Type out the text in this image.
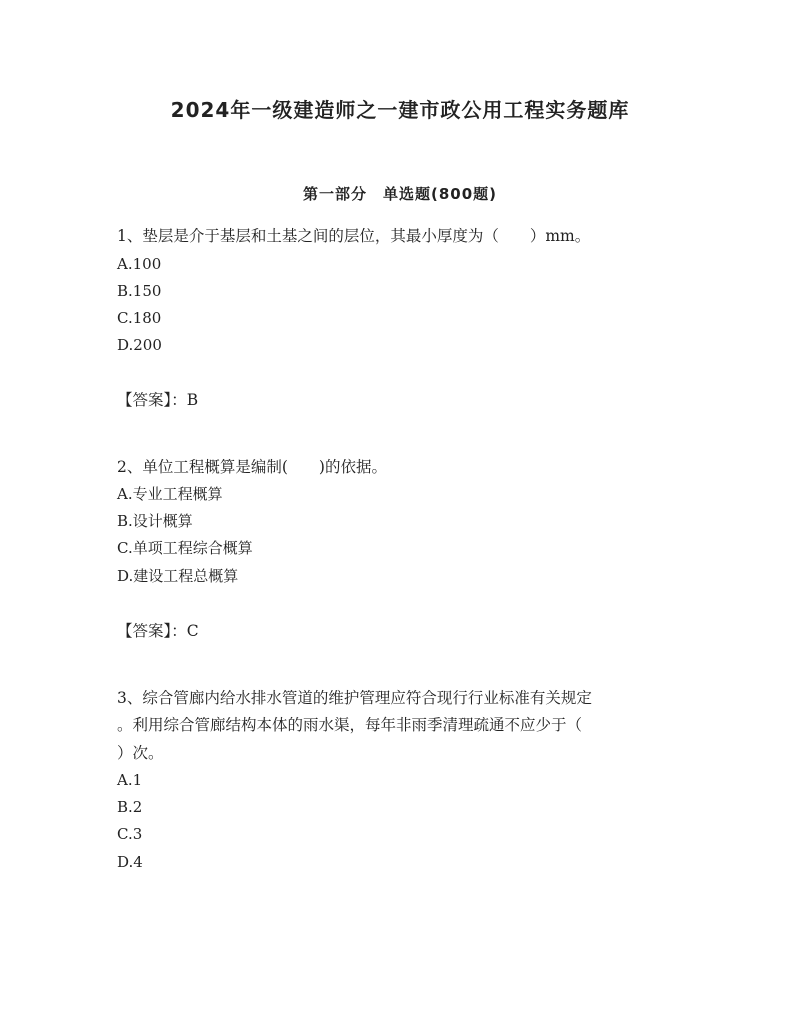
2024年一级建造师之一建市政公用工程实务题库
第一部分　单选题(800题)
1、垫层是介于基层和土基之间的层位，其最小厚度为（　　）mm。
A.100
B.150
C.180
D.200
【答案】：B
2、单位工程概算是编制(　　)的依据。
A.专业工程概算
B.设计概算
C.单项工程综合概算
D.建设工程总概算
【答案】：C
3、综合管廊内给水排水管道的维护管理应符合现行行业标准有关规定
。利用综合管廊结构本体的雨水渠，每年非雨季清理疏通不应少于（
）次。
A.1
B.2
C.3
D.4
